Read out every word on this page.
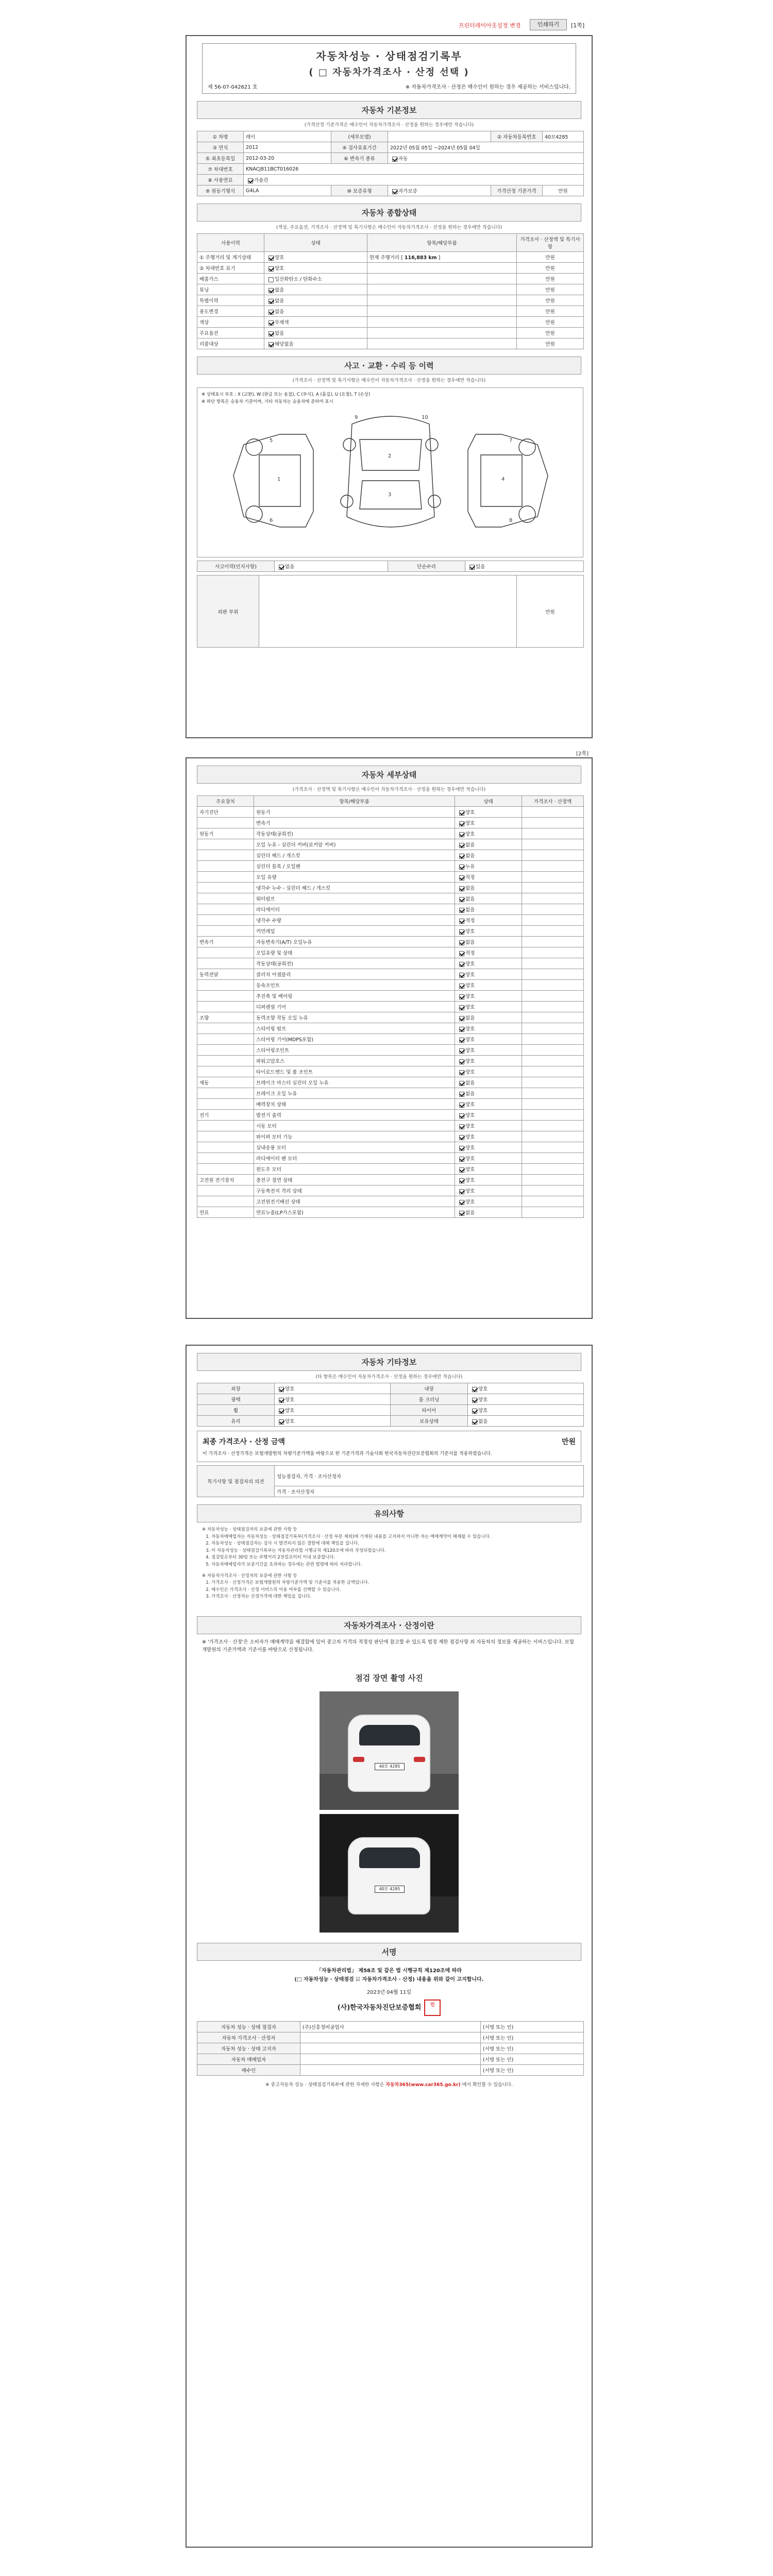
프린터레이아웃설정 변경	인쇄하기	[1쪽]
자동차성능 · 상태점검기록부
( □ 자동차가격조사 · 산정 선택 )
제 56-07-042621 호	※ 자동차가격조사 · 산정은 매수인이 원하는 경우 제공하는 서비스입니다.
자동차 기본정보
(가격산정 기준가격은 매수인이 자동차가격조사 · 산정을 원하는 경우에만 적습니다)
① 차명	레이	(세부모델)		② 자동차등록번호	40모4285
③ 연식	2012	④ 검사유효기간	2022년 05월 05일 ~2024년 05월 04일		
⑤ 최초등록일	2012-03-20	⑥ 변속기 종류	자동		
⑦ 차대번호	KNACJ811BCT016026				
⑧ 사용연료	가솔린				
⑨ 원동기형식	G4LA	⑩ 보증유형	자가보증	가격산정 기준가격	만원
자동차 종합상태
(색상, 주요옵션, 가격조사 · 산정액 및 특기사항은 매수인이 자동차가격조사 · 산정을 원하는 경우에만 적습니다)
사용이력	상태	항목/해당부품	가격조사 · 산정액 및 특기사항
① 주행거리 및 계기상태	양호	현재 주행거리 [ 116,883 km ]	만원
② 차대번호 표기	양호		만원
배출가스	일산화탄소 / 탄화수소		만원
튜닝	없음		만원
특별이력	없음		만원
용도변경	없음		만원
색상	무채색		만원
주요옵션	없음		만원
리콜대상	해당없음		만원
사고 · 교환 · 수리 등 이력
(가격조사 · 산정액 및 특기사항은 매수인이 자동차가격조사 · 산정을 원하는 경우에만 적습니다)
※ 상태표시 부호 : X (교환), W (판금 또는 용접), C (부식), A (흠집), U (요철), T (손상)
※ 하단 항목은 승용차 기준이며, 기타 자동차는 승용차에 준하여 표시
1
2
3
4
5
6
7
8
9	10
사고이력(인지사항)	없음	단순수리	있음
외판 부위		만원
[2쪽]
자동차 세부상태
(가격조사 · 산정액 및 특기사항은 매수인이 자동차가격조사 · 산정을 원하는 경우에만 적습니다)
주요장치	항목/해당부품	상태	가격조사 · 산정액
자기진단	원동기	양호	
	변속기	양호	
원동기	작동상태(공회전)	양호	
	오일 누유 - 실린더 커버(로커암 커버)	없음	
	실린더 헤드 / 개스킷	없음	
	실린더 블록 / 오일팬	누유	
	오일 유량	적정	
	냉각수 누수 - 실린더 헤드 / 개스킷	없음	
	워터펌프	없음	
	라디에이터	없음	
	냉각수 수량	적정	
	커먼레일	양호	
변속기	자동변속기(A/T) 오일누유	없음	
	오일유량 및 상태	적정	
	작동상태(공회전)	양호	
동력전달	클러치 어셈블리	양호	
	등속조인트	양호	
	추진축 및 베어링	양호	
	디퍼렌셜 기어	양호	
조향	동력조향 작동 오일 누유	없음	
	스티어링 펌프	양호	
	스티어링 기어(MDPS포함)	양호	
	스티어링조인트	양호	
	파워고압호스	양호	
	타이로드엔드 및 볼 조인트	양호	
제동	브레이크 마스터 실린더 오일 누유	없음	
	브레이크 오일 누유	없음	
	배력장치 상태	양호	
전기	발전기 출력	양호	
	시동 모터	양호	
	와이퍼 모터 기능	양호	
	실내송풍 모터	양호	
	라디에이터 팬 모터	양호	
	윈도우 모터	양호	
고전원 전기장치	충전구 절연 상태	양호	
	구동축전지 격리 상태	양호	
	고전원전기배선 상태	양호	
연료	연료누출(LP가스포함)	없음	
자동차 기타정보
(타 항목은 매수인이 자동차가격조사 · 산정을 원하는 경우에만 적습니다)
외장	양호	내장	양호
광택	양호	룸 크리닝	양호
휠	양호	타이어	양호
유리	양호	보유상태	없음
최종 가격조사 · 산정 금액	만원
이 가격조사 · 산정가격은 보험개발원의 차량기준가액을 바탕으로 한 기준가격과 기술사회 한국자동차진단보증협회의 기준서를 적용하였습니다.
특기사항 및 점검자의 의견	성능점검자, 가격 · 조사산정자
가격 · 조사산정자
유의사항
※ 자동차성능 · 상태점검자의 보증에 관한 사항 등
1. 자동차매매업자는 자동차성능 · 상태점검기록부(가격조사 · 산정 부분 제외)에 기재된 내용을 고지하지 아니한 자는 매매계약이 해제될 수 있습니다.
2. 자동차성능 · 상태점검자는 검사 시 발견되지 않은 결함에 대해 책임을 집니다.
3. 이 자동차성능 · 상태점검기록부는 자동차관리법 시행규칙 제120조에 따라 작성되었습니다.
4. 점검일로부터 30일 또는 주행거리 2천킬로미터 이내 보증합니다.
5. 자동차매매업자가 보증기간을 초과하는 경우에는 관련 법령에 따라 처리합니다.
※ 자동차가격조사 · 산정자의 보증에 관한 사항 등
1. 가격조사 · 산정가격은 보험개발원의 차량기준가액 및 기준서를 적용한 금액입니다.
2. 매수인은 가격조사 · 산정 서비스의 이용 여부를 선택할 수 있습니다.
3. 가격조사 · 산정자는 산정가격에 대한 책임을 집니다.
자동차가격조사 · 산정이란
※ '가격조사 · 산정'은 소비자가 매매계약을 체결함에 있어 중고차 가격의 적정성 판단에 참고할 수 있도록 법정 제한 점검사항 외 자동차의 정보를 제공하는 서비스입니다. 보험개발원의 기준가액과 기준서를 바탕으로 산정됩니다.
점검 장면 촬영 사진
40모 4285
40모 4285
서명
「자동차관리법」 제58조 및 같은 법 시행규칙 제120조에 따라
(□ 자동차성능 · 상태점검 ☑ 자동차가격조사 · 산정) 내용을 위와 같이 고지합니다.
2023년 04월 11일
(사)한국자동차진단보증협회 인
자동차 성능 · 상태 점검자	(주)신흥정비공업사	(서명 또는 인)
자동차 가격조사 · 산정자		(서명 또는 인)
자동차 성능 · 상태 고지자		(서명 또는 인)
자동차 매매업자		(서명 또는 인)
매수인		(서명 또는 인)
※ 중고자동차 성능 · 상태점검기록부에 관한 자세한 사항은 자동차365(www.car365.go.kr) 에서 확인할 수 있습니다.
